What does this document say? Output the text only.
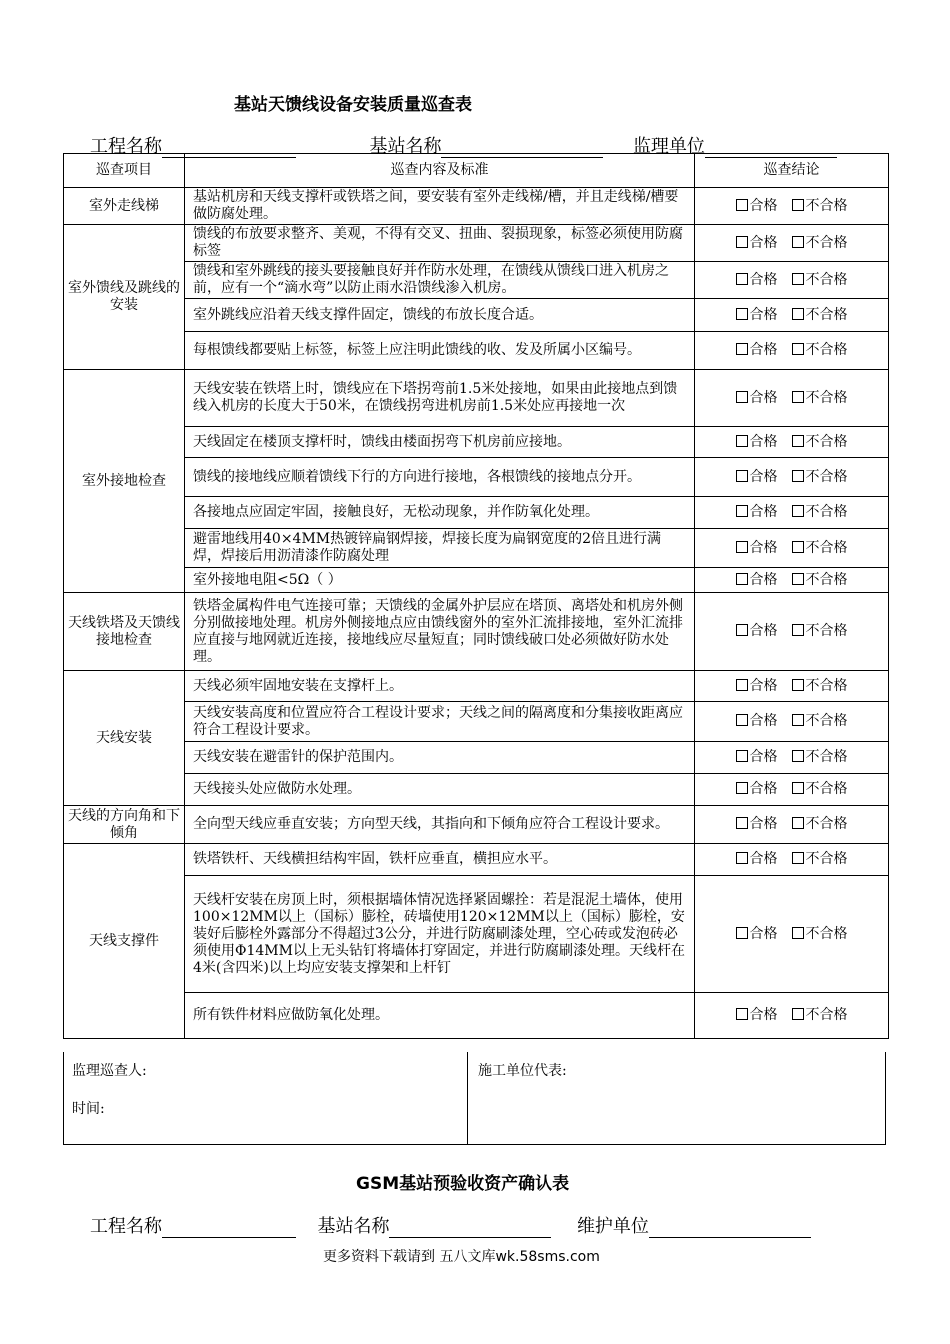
基站天馈线设备安装质量巡查表
工程名称	基站名称	监理单位
巡查项目	巡查内容及标准	巡查结论
室外走线梯	基站机房和天线支撑杆或铁塔之间，要安装有室外走线梯/槽，并且走线梯/槽要做防腐处理。	合格 不合格
室外馈线及跳线的安装	馈线的布放要求整齐、美观，不得有交叉、扭曲、裂损现象，标签必须使用防腐标签	合格 不合格
	馈线和室外跳线的接头要接触良好并作防水处理，在馈线从馈线口进入机房之前，应有一个“滴水弯”以防止雨水沿馈线渗入机房。	合格 不合格
	室外跳线应沿着天线支撑件固定，馈线的布放长度合适。	合格 不合格
	每根馈线都要贴上标签，标签上应注明此馈线的收、发及所属小区编号。	合格 不合格
室外接地检查	天线安装在铁塔上时，馈线应在下塔拐弯前1.5米处接地，如果由此接地点到馈线入机房的长度大于50米，在馈线拐弯进机房前1.5米处应再接地一次	合格 不合格
	天线固定在楼顶支撑杆时，馈线由楼面拐弯下机房前应接地。	合格 不合格
	馈线的接地线应顺着馈线下行的方向进行接地，各根馈线的接地点分开。	合格 不合格
	各接地点应固定牢固，接触良好，无松动现象，并作防氧化处理。	合格 不合格
	避雷地线用40×4MM热镀锌扁钢焊接，焊接长度为扁钢宽度的2倍且进行满焊，焊接后用沥清漆作防腐处理	合格 不合格
	室外接地电阻<5Ω（ ）	合格 不合格
天线铁塔及天馈线接地检查	铁塔金属构件电气连接可靠；天馈线的金属外护层应在塔顶、离塔处和机房外侧分别做接地处理。机房外侧接地点应由馈线窗外的室外汇流排接地，室外汇流排应直接与地网就近连接，接地线应尽量短直；同时馈线破口处必须做好防水处理。	合格 不合格
天线安装	天线必须牢固地安装在支撑杆上。	合格 不合格
	天线安装高度和位置应符合工程设计要求；天线之间的隔离度和分集接收距离应符合工程设计要求。	合格 不合格
	天线安装在避雷针的保护范围内。	合格 不合格
	天线接头处应做防水处理。	合格 不合格
天线的方向角和下倾角	全向型天线应垂直安装；方向型天线，其指向和下倾角应符合工程设计要求。	合格 不合格
天线支撑件	铁塔铁杆、天线横担结构牢固，铁杆应垂直，横担应水平。	合格 不合格
	天线杆安装在房顶上时，须根据墙体情况选择紧固螺拴：若是混泥土墙体，使用100×12MM以上（国标）膨栓，砖墙使用120×12MM以上（国标）膨栓，安装好后膨栓外露部分不得超过3公分，并进行防腐刷漆处理，空心砖或发泡砖必须使用Φ14MM以上无头钻钉将墙体打穿固定，并进行防腐刷漆处理。天线杆在4米(含四米)以上均应安装支撑架和上杆钉	合格 不合格
	所有铁件材料应做防氧化处理。	合格 不合格
监理巡查人:
时间:
施工单位代表:
GSM基站预验收资产确认表
工程名称	基站名称	维护单位
更多资料下载请到 五八文库wk.58sms.com
